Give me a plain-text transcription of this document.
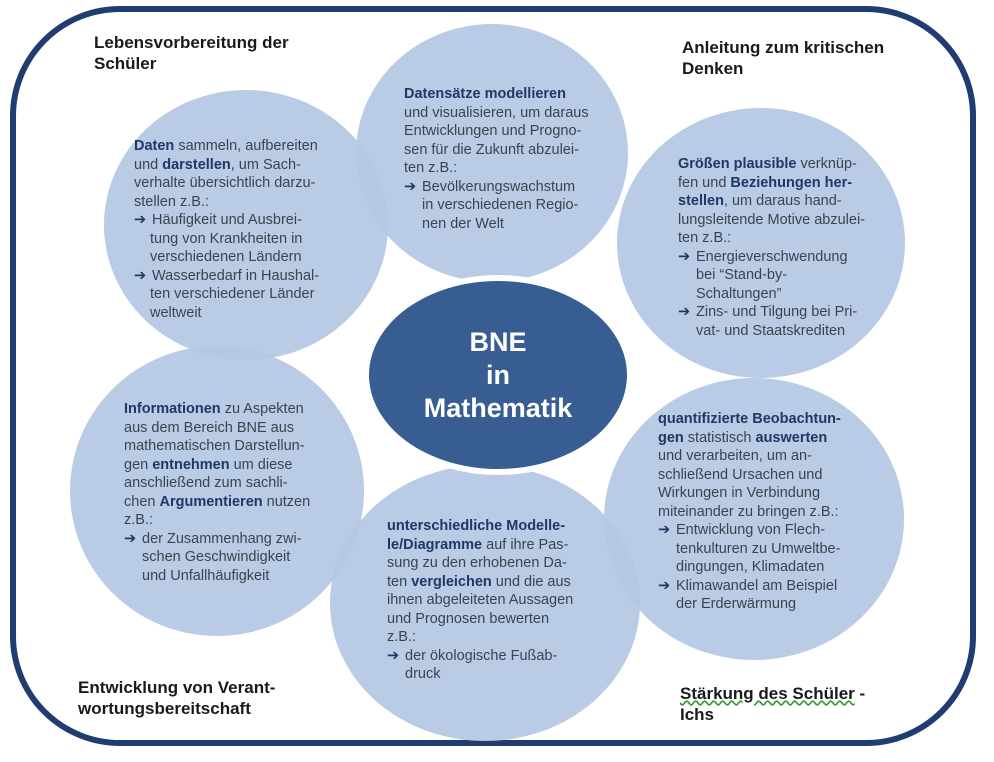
Lebensvorbereitung der
Schüler
Anleitung zum kritischen
Denken
Entwicklung von Verant-
wortungsbereitschaft
Stärkung des Schüler -
Ichs

Daten sammeln, aufbereiten

und darstellen, um Sach-

verhalte übersichtlich darzu-

stellen z.B.:

➔ Häufigkeit und Ausbrei-

tung von Krankheiten in

verschiedenen Ländern

➔ Wasserbedarf in Haushal-

ten verschiedener Länder

weltweit

Datensätze modellieren

und visualisieren, um daraus

Entwicklungen und Progno-

sen für die Zukunft abzulei-

ten z.B.:

➔ Bevölkerungswachstum

in verschiedenen Regio-

nen der Welt

Größen plausible verknüp-

fen und Beziehungen her-

stellen, um daraus hand-

lungsleitende Motive abzulei-

ten z.B.:

➔ Energieverschwendung

bei “Stand-by-

Schaltungen”

➔ Zins- und Tilgung bei Pri-

vat- und Staatskrediten

Informationen zu Aspekten

aus dem Bereich BNE aus

mathematischen Darstellun-

gen entnehmen um diese

anschließend zum sachli-

chen Argumentieren nutzen

z.B.:

➔ der Zusammenhang zwi-

schen Geschwindigkeit

und Unfallhäufigkeit

unterschiedliche Modelle-

le/Diagramme auf ihre Pas-

sung zu den erhobenen Da-

ten vergleichen und die aus

ihnen abgeleiteten Aussagen

und Prognosen bewerten

z.B.:

➔ der ökologische Fußab-

druck

quantifizierte Beobachtun-

gen statistisch auswerten

und verarbeiten, um an-

schließend Ursachen und

Wirkungen in Verbindung

miteinander zu bringen z.B.:

➔ Entwicklung von Flech-

tenkulturen zu Umweltbe-

dingungen, Klimadaten

➔ Klimawandel am Beispiel

der Erderwärmung

BNE
in
Mathematik
